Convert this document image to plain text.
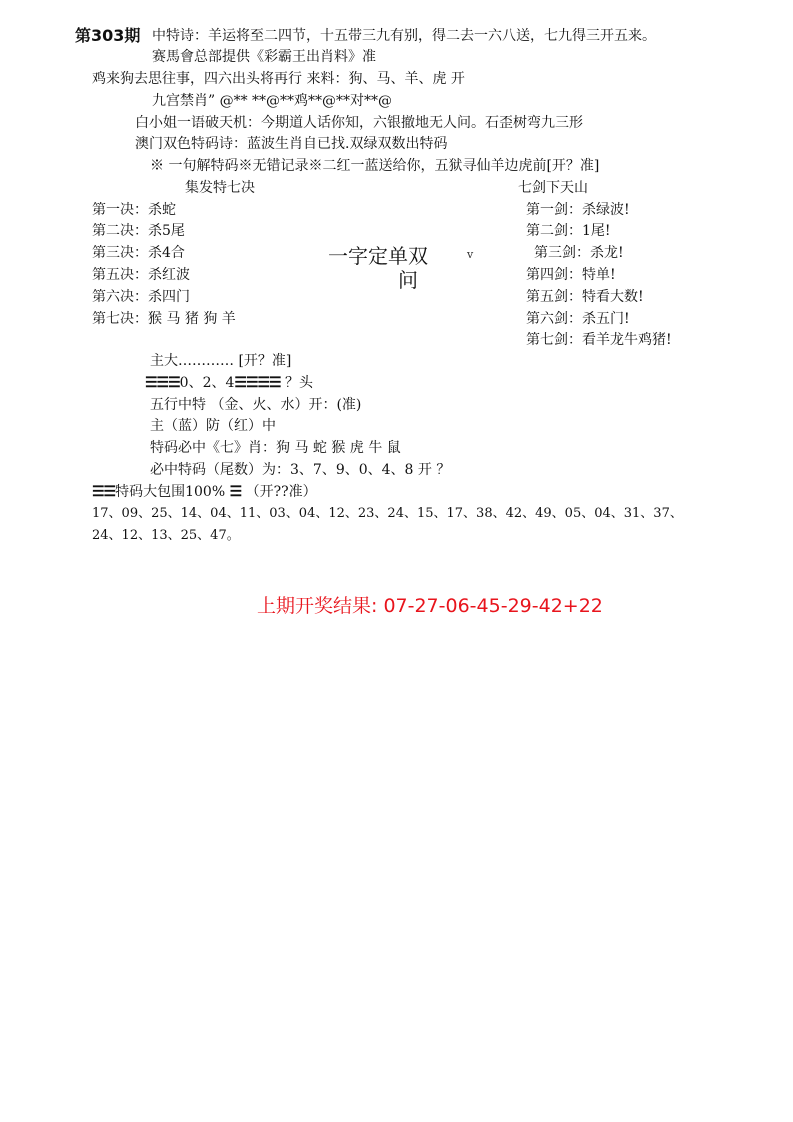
第303期 中特诗：羊运将至二四节，十五带三九有别，得二去一六八送，七九得三开五来。
赛馬會总部提供《彩霸王出肖料》准
鸡来狗去思往事，四六出头将再行 来料：狗、马、羊、虎 开
九宫禁肖” @** **@**鸡**@**对**@
白小姐一语破天机：今期道人话你知，六银撤地无人问。石歪树弯九三形
澳门双色特码诗：蓝波生肖自已找.双绿双数出特码
※ 一句解特码※无错记录※二红一蓝送给你，五狱寻仙羊边虎前[开？准]
集发特七决
第一决：杀蛇
第二决：杀5尾
第三决：杀4合
第五决：杀红波
第六决：杀四门
第七决：猴 马 猪 狗 羊
一字定单双
问
v
七剑下天山
第一剑：杀绿波!
第二剑：1尾!
第三剑：杀龙!
第四剑：特单!
第五剑：特看大数!
第六剑：杀五门!
第七剑：看羊龙牛鸡猪!
主大………… [开？准]
☰☰☰0、2、4☰☰☰☰ ？头
五行中特 （金、火、水）开：(准)
主（蓝）防（红）中
特码必中《七》肖：狗 马 蛇 猴 虎 牛 鼠
必中特码（尾数）为：3、7、9、0、4、8 开 ？
☰☰特码大包围100% ☰ （开??准）
17、09、25、14、04、11、03、04、12、23、24、15、17、38、42、49、05、04、31、37、
24、12、13、25、47。
上期开奖结果: 07-27-06-45-29-42+22
